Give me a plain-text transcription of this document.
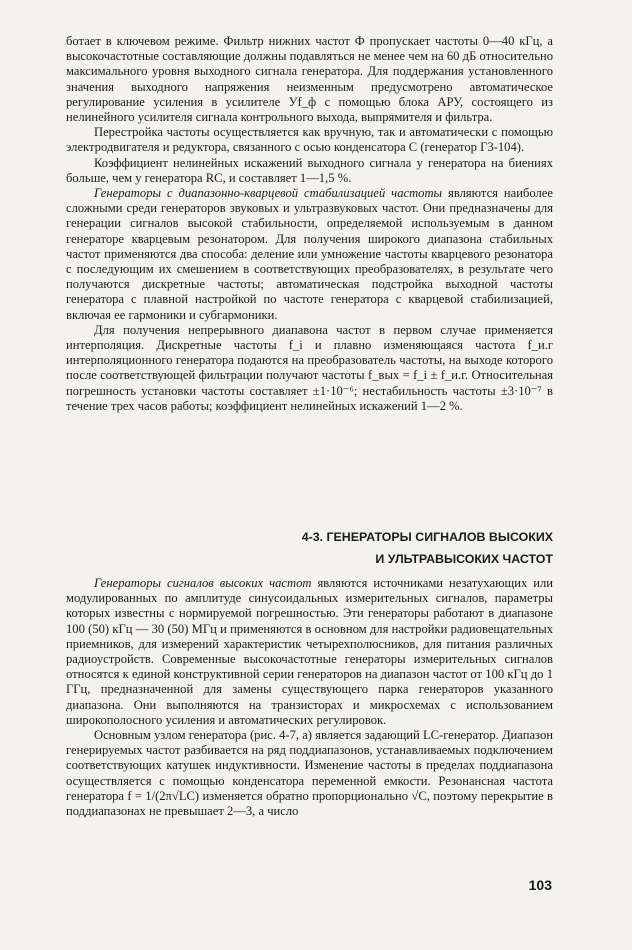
ботает в ключевом режиме. Фильтр нижних частот Ф пропускает частоты 0—40 кГц, а высокочастотные составляющие должны подавляться не менее чем на 60 дБ относительно максимального уровня выходного сигнала генератора. Для поддержания установленного значения выходного напряжения неизменным предусмотрено автоматическое регулирование усиления в усилителе Уf_ф с помощью блока АРУ, состоящего из нелинейного усилителя сигнала контрольного выхода, выпрямителя и фильтра.

Перестройка частоты осуществляется как вручную, так и автоматически с помощью электродвигателя и редуктора, связанного с осью конденсатора C (генератор Г3-104).

Коэффициент нелинейных искажений выходного сигнала у генератора на биениях больше, чем у генератора RC, и составляет 1—1,5 %.

Генераторы с диапазонно-кварцевой стабилизацией частоты являются наиболее сложными среди генераторов звуковых и ультразвуковых частот. Они предназначены для генерации сигналов высокой стабильности, определяемой используемым в данном генераторе кварцевым резонатором. Для получения широкого диапазона стабильных частот применяются два способа: деление или умножение частоты кварцевого резонатора с последующим их смешением в соответствующих преобразователях, в результате чего получаются дискретные частоты; автоматическая подстройка выходной частоты генератора с плавной настройкой по частоте генератора с кварцевой стабилизацией, включая ее гармоники и субгармоники.

Для получения непрерывного диапавона частот в первом случае применяется интерполяция. Дискретные частоты f_i и плавно изменяющаяся частота f_и.г интерполяционного генератора подаются на преобразователь частоты, на выходе которого после соответствующей фильтрации получают частоты f_вых = f_i ± f_и.г. Относительная погрешность установки частоты составляет ±1·10⁻⁶; нестабильность частоты ±3·10⁻⁷ в течение трех часов работы; коэффициент нелинейных искажений 1—2 %.

4-3. ГЕНЕРАТОРЫ СИГНАЛОВ ВЫСОКИХ
И УЛЬТРАВЫСОКИХ ЧАСТОТ

Генераторы сигналов высоких частот являются источниками незатухающих или модулированных по амплитуде синусоидальных измерительных сигналов, параметры которых известны с нормируемой погрешностью. Эти генераторы работают в диапазоне 100 (50) кГц — 30 (50) МГц и применяются в основном для настройки радиовещательных приемников, для измерений характеристик четырехполюсников, для питания различных радиоустройств. Современные высокочастотные генераторы измерительных сигналов относятся к единой конструктивной серии генераторов на диапазон частот от 100 кГц до 1 ГГц, предназначенной для замены существующего парка генераторов указанного диапазона. Они выполняются на транзисторах и микросхемах с использованием широкополосного усиления и автоматических регулировок.

Основным узлом генератора (рис. 4-7, а) является задающий LC-генератор. Диапазон генерируемых частот разбивается на ряд поддиапазонов, устанавливаемых подключением соответствующих катушек индуктивности. Изменение частоты в пределах поддиапазона осуществляется с помощью конденсатора переменной емкости. Резонансная частота генератора f = 1/(2π√LC) изменяется обратно пропорционально √C, поэтому перекрытие в поддиапазонах не превышает 2—3, а число

103
